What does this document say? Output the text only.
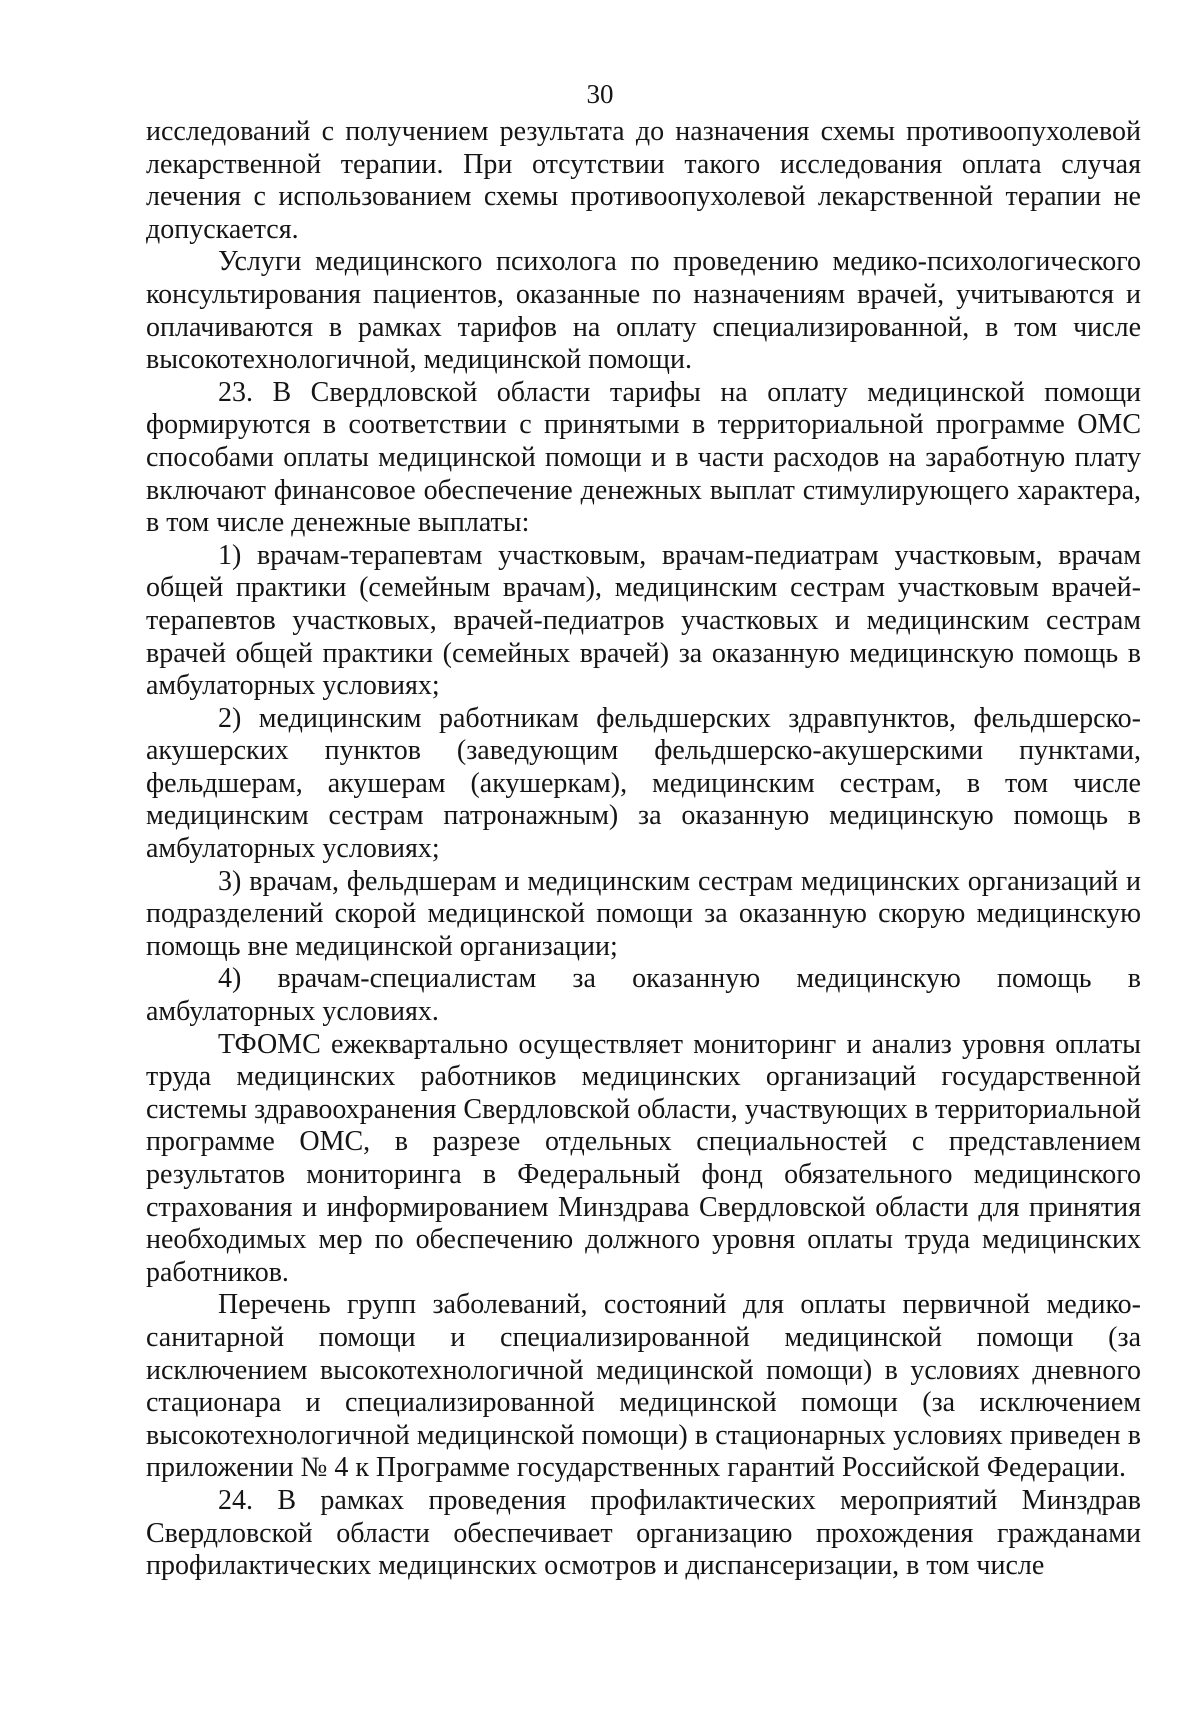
30

исследований с получением результата до назначения схемы противоопухолевой лекарственной терапии. При отсутствии такого исследования оплата случая лечения с использованием схемы противоопухолевой лекарственной терапии не допускается.

Услуги медицинского психолога по проведению медико-психологического консультирования пациентов, оказанные по назначениям врачей, учитываются и оплачиваются в рамках тарифов на оплату специализированной, в том числе высокотехнологичной, медицинской помощи.

23. В Свердловской области тарифы на оплату медицинской помощи формируются в соответствии с принятыми в территориальной программе ОМС способами оплаты медицинской помощи и в части расходов на заработную плату включают финансовое обеспечение денежных выплат стимулирующего характера, в том числе денежные выплаты:

1) врачам-терапевтам участковым, врачам-педиатрам участковым, врачам общей практики (семейным врачам), медицинским сестрам участковым врачей-терапевтов участковых, врачей-педиатров участковых и медицинским сестрам врачей общей практики (семейных врачей) за оказанную медицинскую помощь в амбулаторных условиях;

2) медицинским работникам фельдшерских здравпунктов, фельдшерско-акушерских пунктов (заведующим фельдшерско-акушерскими пунктами, фельдшерам, акушерам (акушеркам), медицинским сестрам, в том числе медицинским сестрам патронажным) за оказанную медицинскую помощь в амбулаторных условиях;

3) врачам, фельдшерам и медицинским сестрам медицинских организаций и подразделений скорой медицинской помощи за оказанную скорую медицинскую помощь вне медицинской организации;

4) врачам-специалистам за оказанную медицинскую помощь в амбулаторных условиях.

ТФОМС ежеквартально осуществляет мониторинг и анализ уровня оплаты труда медицинских работников медицинских организаций государственной системы здравоохранения Свердловской области, участвующих в территориальной программе ОМС, в разрезе отдельных специальностей с представлением результатов мониторинга в Федеральный фонд обязательного медицинского страхования и информированием Минздрава Свердловской области для принятия необходимых мер по обеспечению должного уровня оплаты труда медицинских работников.

Перечень групп заболеваний, состояний для оплаты первичной медико-санитарной помощи и специализированной медицинской помощи (за исключением высокотехнологичной медицинской помощи) в условиях дневного стационара и специализированной медицинской помощи (за исключением высокотехнологичной медицинской помощи) в стационарных условиях приведен в приложении № 4 к Программе государственных гарантий Российской Федерации.

24. В рамках проведения профилактических мероприятий Минздрав Свердловской области обеспечивает организацию прохождения гражданами профилактических медицинских осмотров и диспансеризации, в том числе
